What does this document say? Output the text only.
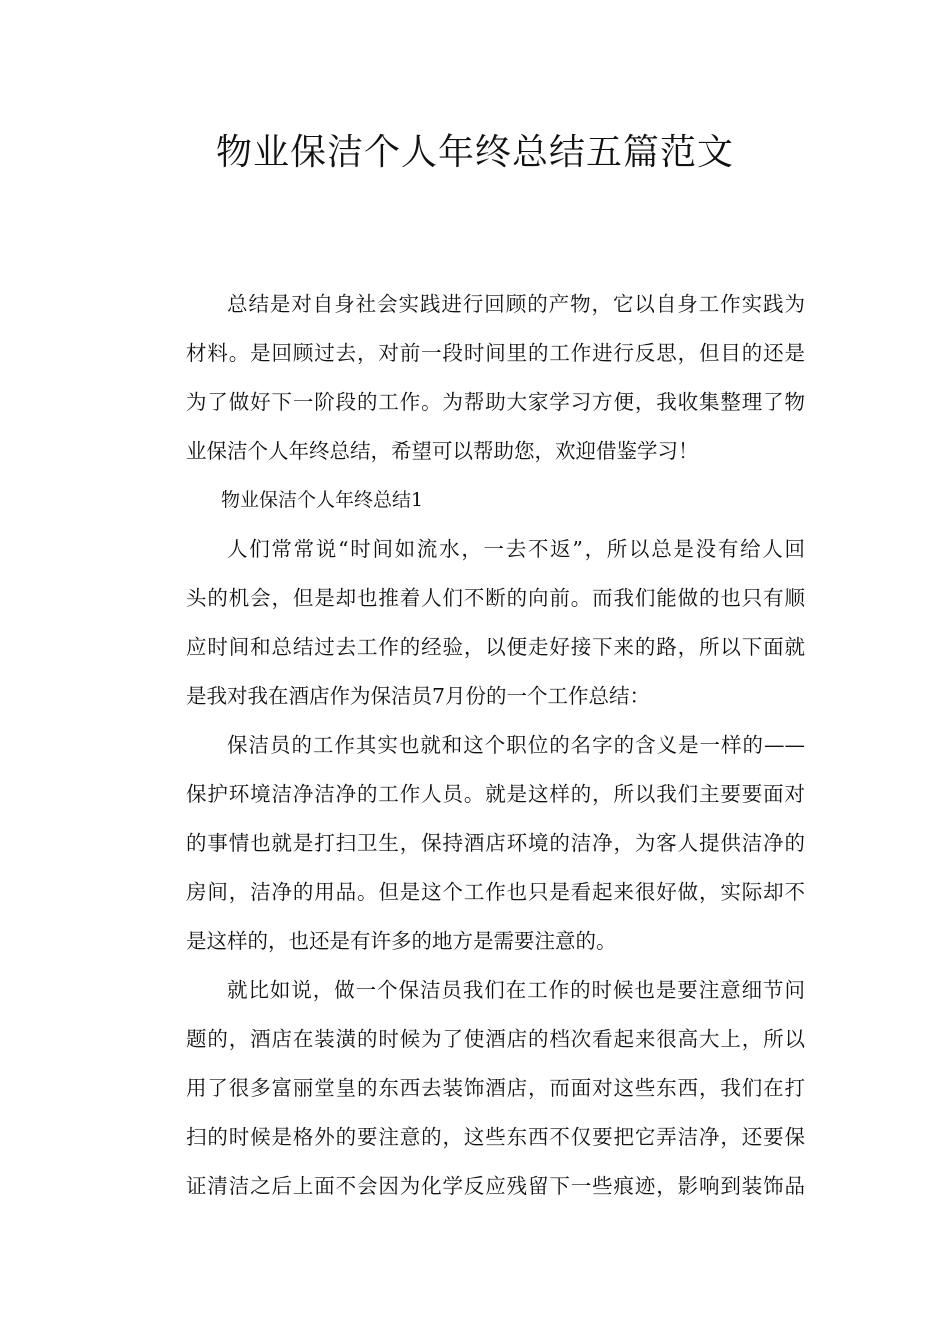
物业保洁个人年终总结五篇范文
总结是对自身社会实践进行回顾的产物，它以自身工作实践为
材料。是回顾过去，对前一段时间里的工作进行反思，但目的还是
为了做好下一阶段的工作。为帮助大家学习方便，我收集整理了物
业保洁个人年终总结，希望可以帮助您，欢迎借鉴学习！
物业保洁个人年终总结1
人们常常说“时间如流水，一去不返”，所以总是没有给人回
头的机会，但是却也推着人们不断的向前。而我们能做的也只有顺
应时间和总结过去工作的经验，以便走好接下来的路，所以下面就
是我对我在酒店作为保洁员7月份的一个工作总结：
保洁员的工作其实也就和这个职位的名字的含义是一样的——
保护环境洁净洁净的工作人员。就是这样的，所以我们主要要面对
的事情也就是打扫卫生，保持酒店环境的洁净，为客人提供洁净的
房间，洁净的用品。但是这个工作也只是看起来很好做，实际却不
是这样的，也还是有许多的地方是需要注意的。
就比如说，做一个保洁员我们在工作的时候也是要注意细节问
题的，酒店在装潢的时候为了使酒店的档次看起来很高大上，所以
用了很多富丽堂皇的东西去装饰酒店，而面对这些东西，我们在打
扫的时候是格外的要注意的，这些东西不仅要把它弄洁净，还要保
证清洁之后上面不会因为化学反应残留下一些痕迹，影响到装饰品
